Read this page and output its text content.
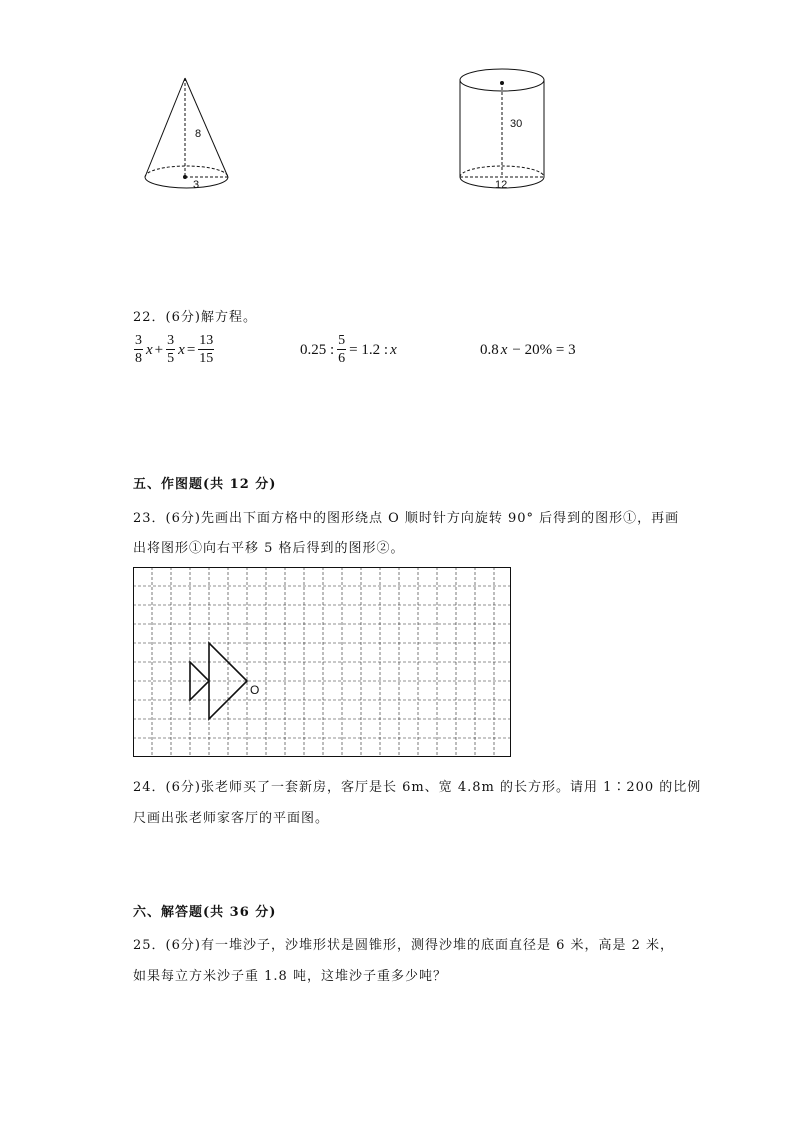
8
3
30
12
22．(6分)解方程。
$\frac{3}{8}$ $x + \frac{3}{5}$ $x = \frac{13}{15}$	0.25 : $\frac{5}{6} = 1.2$ : x	0.8 x − 20% = 3
五、作图题(共 12 分)
23．(6分)先画出下面方格中的图形绕点 O 顺时针方向旋转 90° 后得到的图形①，再画
出将图形①向右平移 5 格后得到的图形②。
O
24．(6分)张老师买了一套新房，客厅是长 6m、宽 4.8m 的长方形。请用 1∶200 的比例
尺画出张老师家客厅的平面图。
六、解答题(共 36 分)
25．(6分)有一堆沙子，沙堆形状是圆锥形，测得沙堆的底面直径是 6 米，高是 2 米，
如果每立方米沙子重 1.8 吨，这堆沙子重多少吨？
